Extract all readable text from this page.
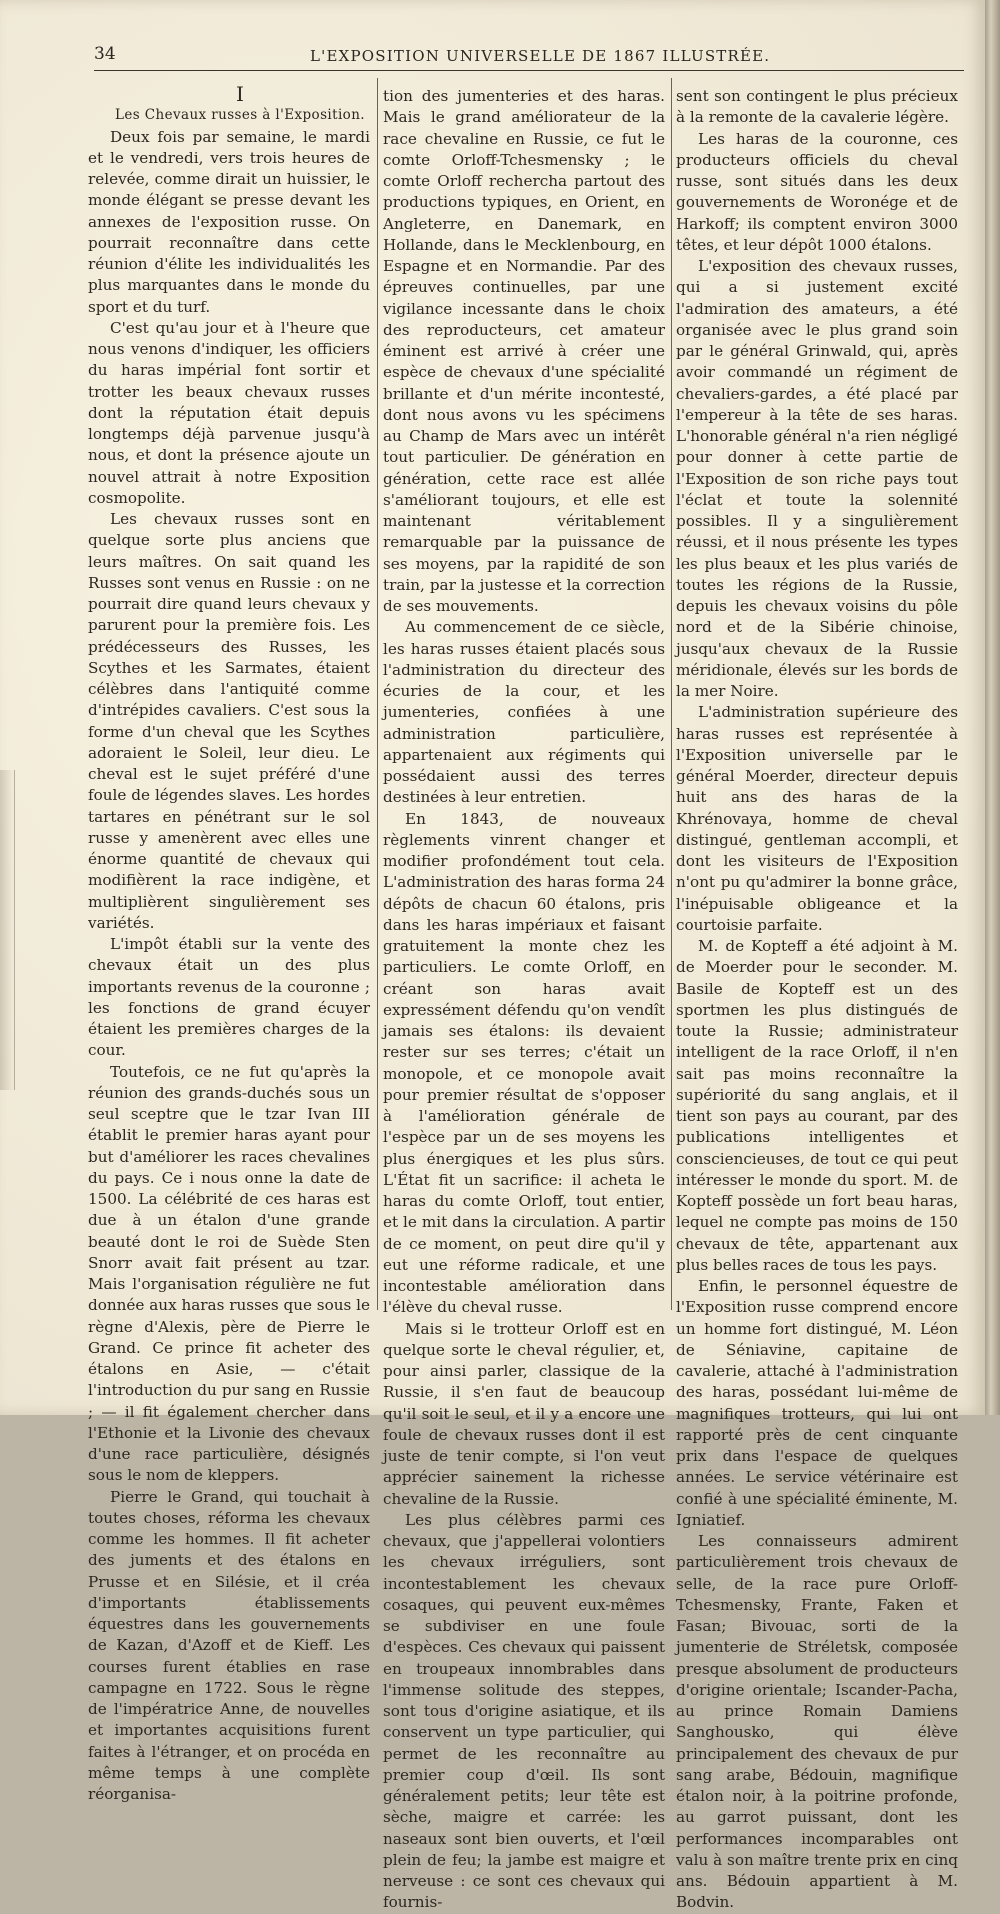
34	L'EXPOSITION UNIVERSELLE DE 1867 ILLUSTRÉE.

I

Les Chevaux russes à l'Exposition.

Deux fois par semaine, le mardi et le vendredi, vers trois heures de relevée, comme dirait un huissier, le monde élégant se presse devant les annexes de l'exposition russe. On pourrait reconnaître dans cette réunion d'élite les individualités les plus marquantes dans le monde du sport et du turf.

C'est qu'au jour et à l'heure que nous venons d'indiquer, les officiers du haras impérial font sortir et trotter les beaux chevaux russes dont la réputation était depuis longtemps déjà parvenue jusqu'à nous, et dont la présence ajoute un nouvel attrait à notre Exposition cosmopolite.

Les chevaux russes sont en quelque sorte plus anciens que leurs maîtres. On sait quand les Russes sont venus en Russie : on ne pourrait dire quand leurs chevaux y parurent pour la première fois. Les prédécesseurs des Russes, les Scythes et les Sarmates, étaient célèbres dans l'antiquité comme d'intrépides cavaliers. C'est sous la forme d'un cheval que les Scythes adoraient le Soleil, leur dieu. Le cheval est le sujet préféré d'une foule de légendes slaves. Les hordes tartares en pénétrant sur le sol russe y amenèrent avec elles une énorme quantité de chevaux qui modifièrent la race indigène, et multiplièrent singulièrement ses variétés.

L'impôt établi sur la vente des chevaux était un des plus importants revenus de la couronne ; les fonctions de grand écuyer étaient les premières charges de la cour.

Toutefois, ce ne fut qu'après la réunion des grands-duchés sous un seul sceptre que le tzar Ivan III établit le premier haras ayant pour but d'améliorer les races chevalines du pays. Ce i nous onne la date de 1500. La célébrité de ces haras est due à un étalon d'une grande beauté dont le roi de Suède Sten Snorr avait fait présent au tzar. Mais l'organisation régulière ne fut donnée aux haras russes que sous le règne d'Alexis, père de Pierre le Grand. Ce prince fit acheter des étalons en Asie, — c'était l'introduction du pur sang en Russie ; — il fit également chercher dans l'Ethonie et la Livonie des chevaux d'une race particulière, désignés sous le nom de kleppers.

Pierre le Grand, qui touchait à toutes choses, réforma les chevaux comme les hommes. Il fit acheter des juments et des étalons en Prusse et en Silésie, et il créa d'importants établissements équestres dans les gouvernements de Kazan, d'Azoff et de Kieff. Les courses furent établies en rase campagne en 1722. Sous le règne de l'impératrice Anne, de nouvelles et importantes acquisitions furent faites à l'étranger, et on procéda en même temps à une complète réorganisa-

tion des jumenteries et des haras. Mais le grand améliorateur de la race chevaline en Russie, ce fut le comte Orloff-Tchesmensky ; le comte Orloff rechercha partout des productions typiques, en Orient, en Angleterre, en Danemark, en Hollande, dans le Mecklenbourg, en Espagne et en Normandie. Par des épreuves continuelles, par une vigilance incessante dans le choix des reproducteurs, cet amateur éminent est arrivé à créer une espèce de chevaux d'une spécialité brillante et d'un mérite incontesté, dont nous avons vu les spécimens au Champ de Mars avec un intérêt tout particulier. De génération en génération, cette race est allée s'améliorant toujours, et elle est maintenant véritablement remarquable par la puissance de ses moyens, par la rapidité de son train, par la justesse et la correction de ses mouvements.

Au commencement de ce siècle, les haras russes étaient placés sous l'administration du directeur des écuries de la cour, et les jumenteries, confiées à une administration particulière, appartenaient aux régiments qui possédaient aussi des terres destinées à leur entretien.

En 1843, de nouveaux règlements vinrent changer et modifier profondément tout cela. L'administration des haras forma 24 dépôts de chacun 60 étalons, pris dans les haras impériaux et faisant gratuitement la monte chez les particuliers. Le comte Orloff, en créant son haras avait expressément défendu qu'on vendît jamais ses étalons: ils devaient rester sur ses terres; c'était un monopole, et ce monopole avait pour premier résultat de s'opposer à l'amélioration générale de l'espèce par un de ses moyens les plus énergiques et les plus sûrs. L'État fit un sacrifice: il acheta le haras du comte Orloff, tout entier, et le mit dans la circulation. A partir de ce moment, on peut dire qu'il y eut une réforme radicale, et une incontestable amélioration dans l'élève du cheval russe.

Mais si le trotteur Orloff est en quelque sorte le cheval régulier, et, pour ainsi parler, classique de la Russie, il s'en faut de beaucoup qu'il soit le seul, et il y a encore une foule de chevaux russes dont il est juste de tenir compte, si l'on veut apprécier sainement la richesse chevaline de la Russie.

Les plus célèbres parmi ces chevaux, que j'appellerai volontiers les chevaux irréguliers, sont incontestablement les chevaux cosaques, qui peuvent eux-mêmes se subdiviser en une foule d'espèces. Ces chevaux qui paissent en troupeaux innombrables dans l'immense solitude des steppes, sont tous d'origine asiatique, et ils conservent un type particulier, qui permet de les reconnaître au premier coup d'œil. Ils sont généralement petits; leur tête est sèche, maigre et carrée: les naseaux sont bien ouverts, et l'œil plein de feu; la jambe est maigre et nerveuse : ce sont ces chevaux qui fournis-

sent son contingent le plus précieux à la remonte de la cavalerie légère.

Les haras de la couronne, ces producteurs officiels du cheval russe, sont situés dans les deux gouvernements de Woronége et de Harkoff; ils comptent environ 3000 têtes, et leur dépôt 1000 étalons.

L'exposition des chevaux russes, qui a si justement excité l'admiration des amateurs, a été organisée avec le plus grand soin par le général Grinwald, qui, après avoir commandé un régiment de chevaliers-gardes, a été placé par l'empereur à la tête de ses haras. L'honorable général n'a rien négligé pour donner à cette partie de l'Exposition de son riche pays tout l'éclat et toute la solennité possibles. Il y a singulièrement réussi, et il nous présente les types les plus beaux et les plus variés de toutes les régions de la Russie, depuis les chevaux voisins du pôle nord et de la Sibérie chinoise, jusqu'aux chevaux de la Russie méridionale, élevés sur les bords de la mer Noire.

L'administration supérieure des haras russes est représentée à l'Exposition universelle par le général Moerder, directeur depuis huit ans des haras de la Khrénovaya, homme de cheval distingué, gentleman accompli, et dont les visiteurs de l'Exposition n'ont pu qu'admirer la bonne grâce, l'inépuisable obligeance et la courtoisie parfaite.

M. de Kopteff a été adjoint à M. de Moerder pour le seconder. M. Basile de Kopteff est un des sportmen les plus distingués de toute la Russie; administrateur intelligent de la race Orloff, il n'en sait pas moins reconnaître la supériorité du sang anglais, et il tient son pays au courant, par des publications intelligentes et consciencieuses, de tout ce qui peut intéresser le monde du sport. M. de Kopteff possède un fort beau haras, lequel ne compte pas moins de 150 chevaux de tête, appartenant aux plus belles races de tous les pays.

Enfin, le personnel équestre de l'Exposition russe comprend encore un homme fort distingué, M. Léon de Séniavine, capitaine de cavalerie, attaché à l'administration des haras, possédant lui-même de magnifiques trotteurs, qui lui ont rapporté près de cent cinquante prix dans l'espace de quelques années. Le service vétérinaire est confié à une spécialité éminente, M. Igniatief.

Les connaisseurs admirent particulièrement trois chevaux de selle, de la race pure Orloff-Tchesmensky, Frante, Faken et Fasan; Bivouac, sorti de la jumenterie de Stréletsk, composée presque absolument de producteurs d'origine orientale; Iscander-Pacha, au prince Romain Damiens Sanghousko, qui élève principalement des chevaux de pur sang arabe, Bédouin, magnifique étalon noir, à la poitrine profonde, au garrot puissant, dont les performances incomparables ont valu à son maître trente prix en cinq ans. Bédouin appartient à M. Bodvin.
